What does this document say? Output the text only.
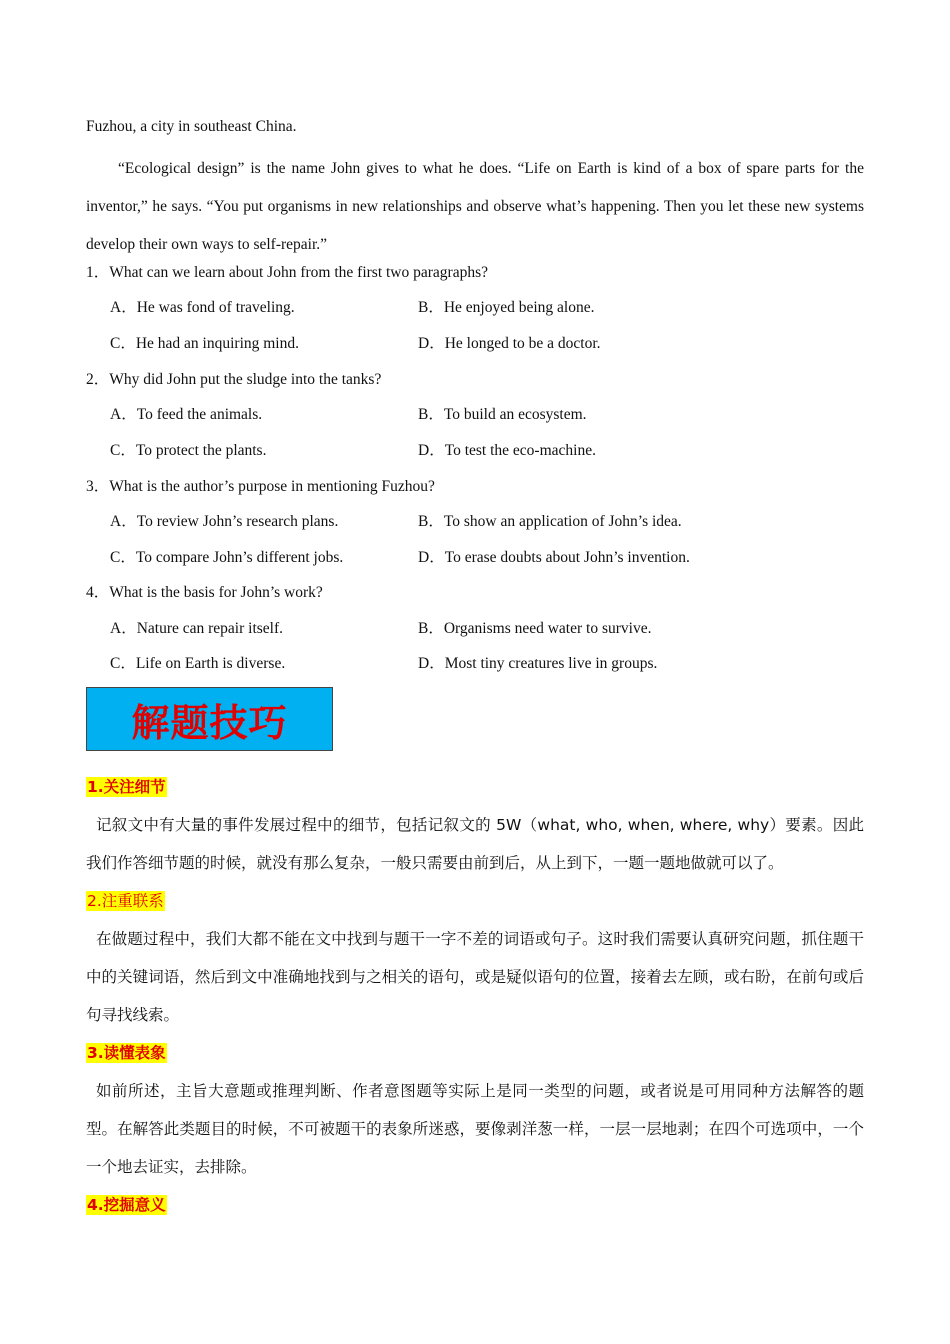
Fuzhou, a city in southeast China.
“Ecological design” is the name John gives to what he does. “Life on Earth is kind of a box of spare parts for the inventor,” he says. “You put organisms in new relationships and observe what’s happening. Then you let these new systems develop their own ways to self-repair.”
1．What can we learn about John from the first two paragraphs?
A．He was fond of traveling.	B．He enjoyed being alone.
C．He had an inquiring mind.	D．He longed to be a doctor.
2．Why did John put the sludge into the tanks?
A．To feed the animals.	B．To build an ecosystem.
C．To protect the plants.	D．To test the eco-machine.
3．What is the author’s purpose in mentioning Fuzhou?
A．To review John’s research plans.	B．To show an application of John’s idea.
C．To compare John’s different jobs.	D．To erase doubts about John’s invention.
4．What is the basis for John’s work?
A．Nature can repair itself.	B．Organisms need water to survive.
C．Life on Earth is diverse.	D．Most tiny creatures live in groups.
解题技巧
1.关注细节
记叙文中有大量的事件发展过程中的细节，包括记叙文的 5W（what, who, when, where, why）要素。因此我们作答细节题的时候，就没有那么复杂，一般只需要由前到后，从上到下，一题一题地做就可以了。
2.注重联系
在做题过程中，我们大都不能在文中找到与题干一字不差的词语或句子。这时我们需要认真研究问题，抓住题干中的关键词语，然后到文中准确地找到与之相关的语句，或是疑似语句的位置，接着去左顾，或右盼，在前句或后句寻找线索。
3.读懂表象
如前所述，主旨大意题或推理判断、作者意图题等实际上是同一类型的问题，或者说是可用同种方法解答的题型。在解答此类题目的时候，不可被题干的表象所迷惑，要像剥洋葱一样，一层一层地剥；在四个可选项中，一个一个地去证实，去排除。
4.挖掘意义
